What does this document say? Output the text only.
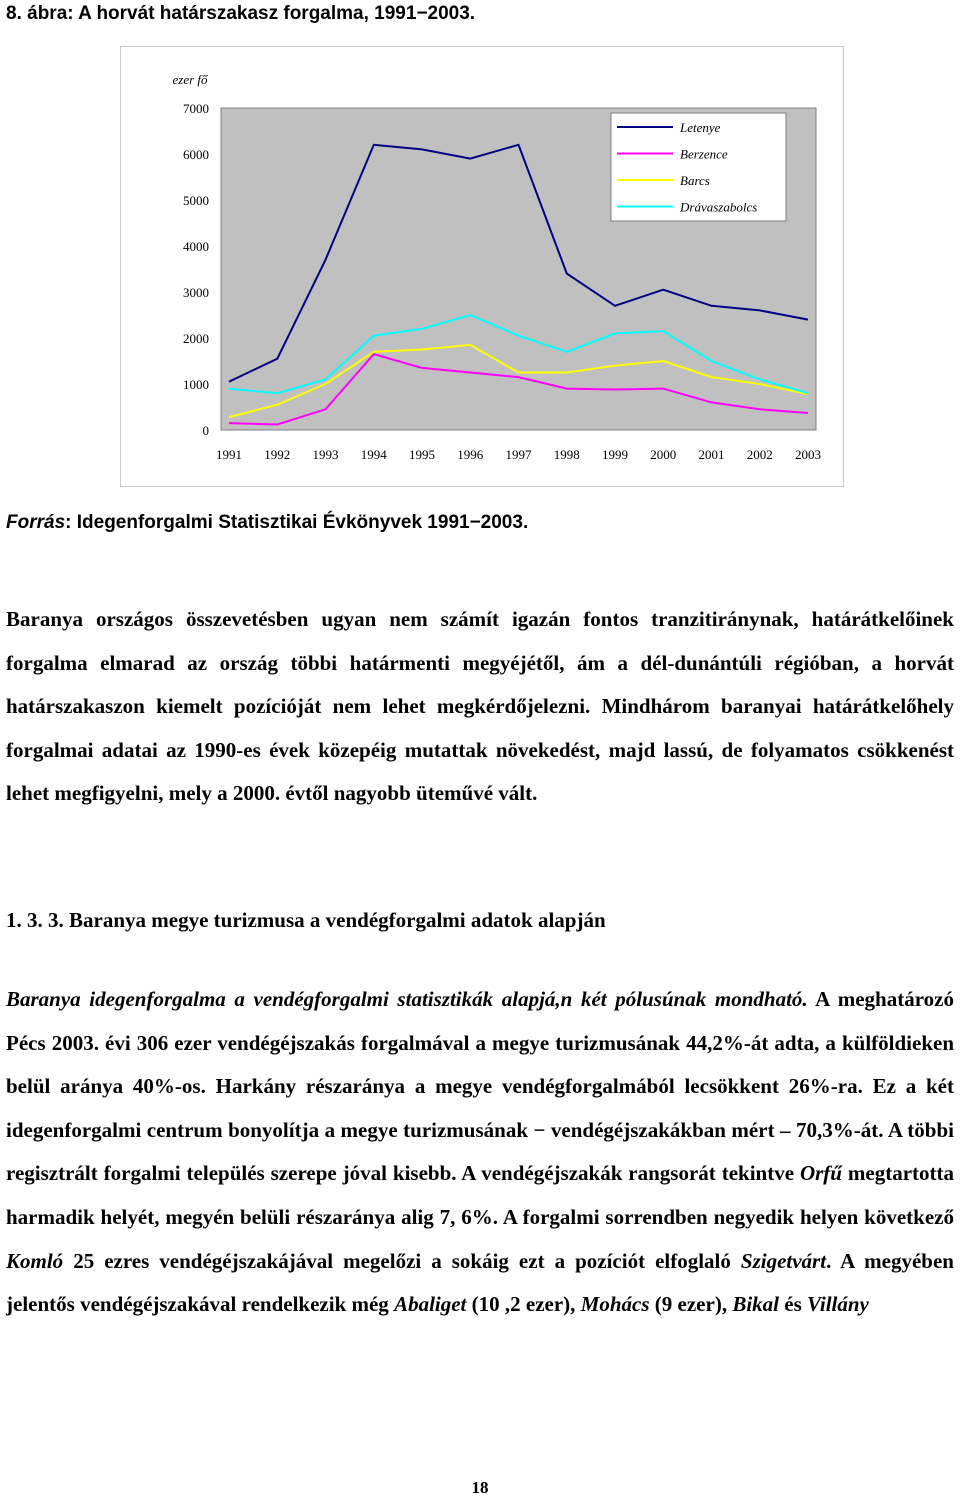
8. ábra: A horvát határszakasz forgalma, 1991−2003.

ezer fő
0
1000
2000
3000
4000
5000
6000
7000
1991 1992 1993 1994 1995 1996 1997 1998 1999 2000 2001 2002 2003
Letenye
Berzence
Barcs
Drávaszabolcs

Forrás: Idegenforgalmi Statisztikai Évkönyvek 1991−2003.

Baranya országos összevetésben ugyan nem számít igazán fontos tranzitiránynak, határátkelőinek forgalma elmarad az ország többi határmenti megyéjétől, ám a dél-dunántúli régióban, a horvát határszakaszon kiemelt pozícióját nem lehet megkérdőjelezni. Mindhárom baranyai határátkelőhely forgalmai adatai az 1990-es évek közepéig mutattak növekedést, majd lassú, de folyamatos csökkenést lehet megfigyelni, mely a 2000. évtől nagyobb üteművé vált.

1. 3. 3. Baranya megye turizmusa a vendégforgalmi adatok alapján

Baranya idegenforgalma a vendégforgalmi statisztikák alapjá,n két pólusúnak mondható. A meghatározó Pécs 2003. évi 306 ezer vendégéjszakás forgalmával a megye turizmusának 44,2%-át adta, a külföldieken belül aránya 40%-os. Harkány részaránya a megye vendégforgalmából lecsökkent 26%-ra. Ez a két idegenforgalmi centrum bonyolítja a megye turizmusának − vendégéjszakákban mért – 70,3%-át. A többi regisztrált forgalmi település szerepe jóval kisebb. A vendégéjszakák rangsorát tekintve Orfű megtartotta harmadik helyét, megyén belüli részaránya alig 7, 6%. A forgalmi sorrendben negyedik helyen következő Komló 25 ezres vendégéjszakájával megelőzi a sokáig ezt a pozíciót elfoglaló Szigetvárt. A megyében jelentős vendégéjszakával rendelkezik még Abaliget (10 ,2 ezer), Mohács (9 ezer), Bikal és Villány

18
